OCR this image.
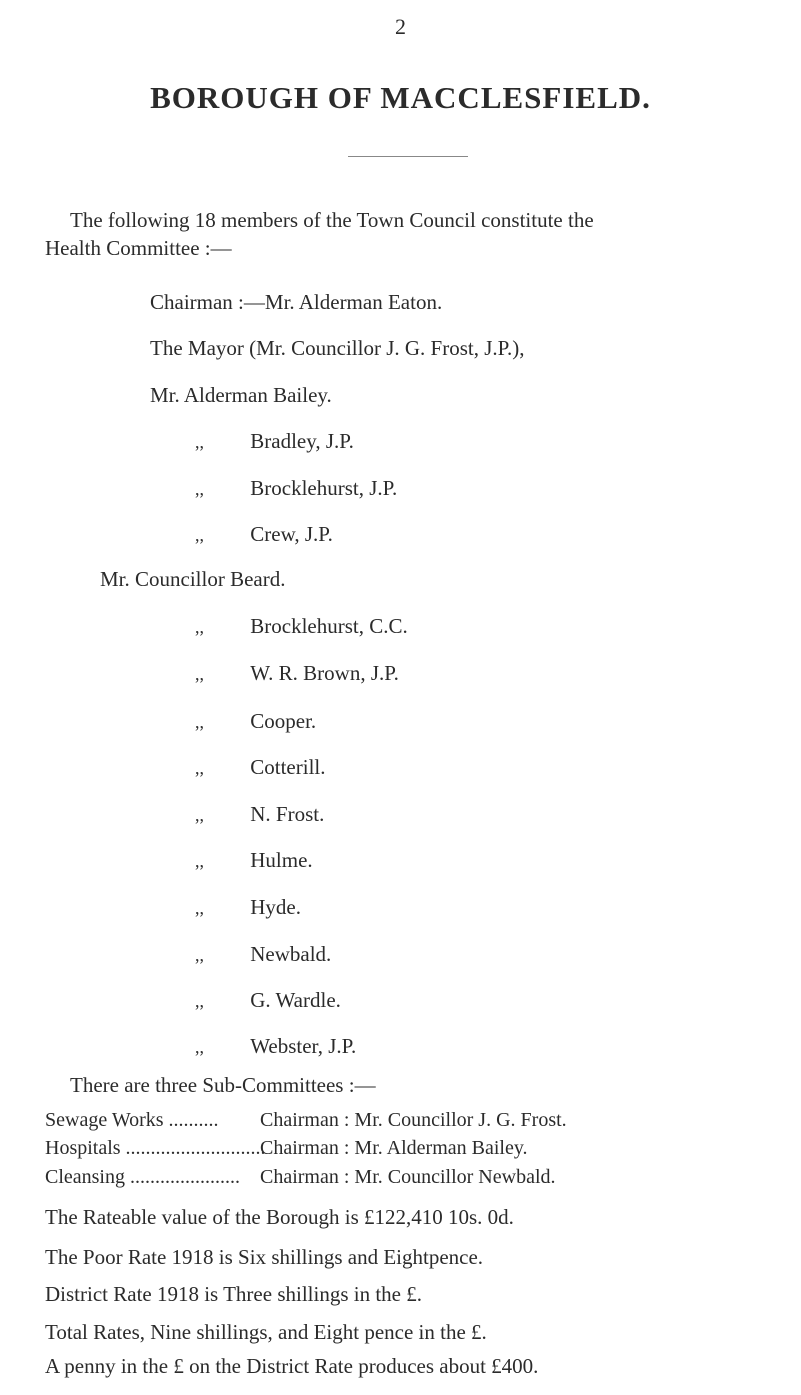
2
BOROUGH OF MACCLESFIELD.
The following 18 members of the Town Council constitute the
Health Committee :—
Chairman :—Mr. Alderman Eaton.
The Mayor (Mr. Councillor J. G. Frost, J.P.),
Mr. Alderman Bailey.
,, Bradley, J.P.
,, Brocklehurst, J.P.
,, Crew, J.P.
Mr. Councillor Beard.
,, Brocklehurst, C.C.
,, W. R. Brown, J.P.
,, Cooper.
,, Cotterill.
,, N. Frost.
,, Hulme.
,, Hyde.
,, Newbald.
,, G. Wardle.
,, Webster, J.P.
There are three Sub-Committees :—
Sewage Works .......... Chairman : Mr. Councillor J. G. Frost.
Hospitals ............................
Chairman : Mr. Alderman Bailey.
Cleansing ...................... Chairman : Mr. Councillor Newbald.
The Rateable value of the Borough is £122,410 10s. 0d.
The Poor Rate 1918 is Six shillings and Eightpence.
District Rate 1918 is Three shillings in the £.
Total Rates, Nine shillings, and Eight pence in the £.
A penny in the £ on the District Rate produces about £400.
